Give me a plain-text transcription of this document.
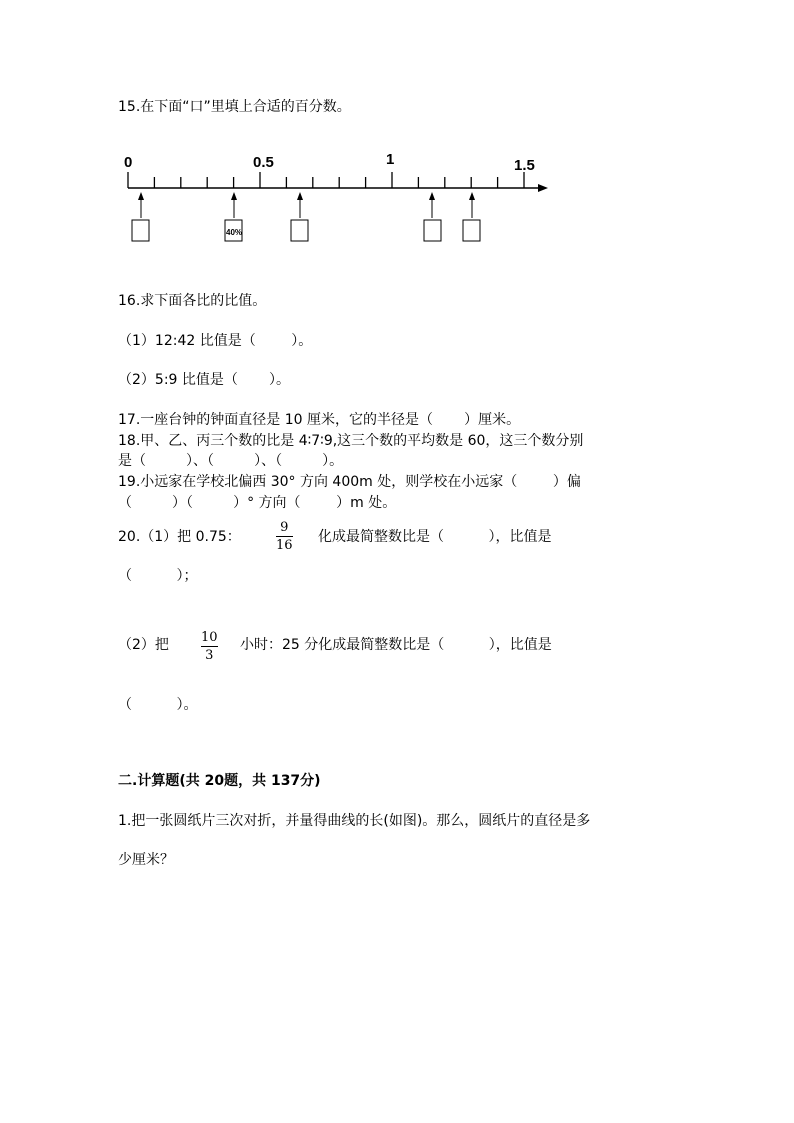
15.在下面“口”里填上合适的百分数。
0	0.5	1	1.5
40%
16.求下面各比的比值。
（1）12:42 比值是（        ）。
（2）5:9 比值是（       ）。
17.一座台钟的钟面直径是 10 厘米，它的半径是（       ）厘米。
18.甲、乙、丙三个数的比是 4∶7∶9,这三个数的平均数是 60，这三个数分别
是（         ）、（         ）、（         ）。
19.小远家在学校北偏西 30° 方向 400m 处，则学校在小远家（        ）偏
（         ）（         ）° 方向（        ）m 处。
20.（1）把 0.75：
9
16
化成最简整数比是（          ），比值是
（          ）；
（2）把 10
3
小时：25 分化成最简整数比是（          ），比值是
（          ）。
二.计算题(共 20题，共 137分)
1.把一张圆纸片三次对折，并量得曲线的长(如图)。那么，圆纸片的直径是多
少厘米？
